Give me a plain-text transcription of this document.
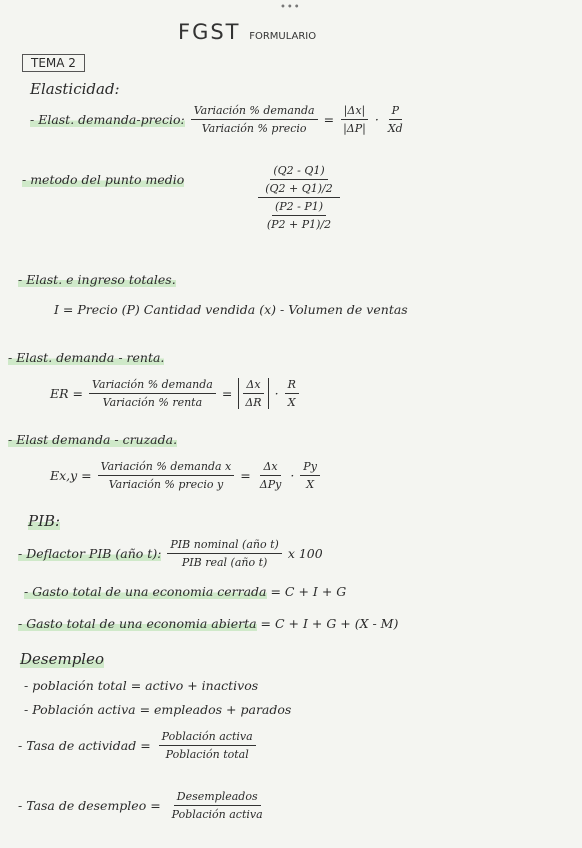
•••
FGST FORMULARIO
TEMA 2
Elasticidad:
- Elast. demanda-precio: $\frac{\text{Variación \% demanda}}{\text{Variación \% precio}} = \frac{|\Delta x|}{|\Delta P|} \cdot \frac{P}{Xd}$
- metodo del punto medio	$\frac{(Q2 - Q1)}{(Q2 + Q1)/2}$
$\frac{(P2 - P1)}{(P2 + P1)/2}$
- Elast. e ingreso totales.
I = Precio (P) Cantidad vendida (x) - Volumen de ventas
- Elast. demanda - renta.
ER = $\frac{\text{Variación \% demanda}}{\text{Variación \% renta}} = \frac{\Delta x}{\Delta R} \cdot \frac{R}{X}$
- Elast demanda - cruzada.
$Ex,y = \frac{\text{Variación \% demanda x}}{\text{Variación \% precio y}} = \frac{\Delta x}{\text{ΔPy}} \cdot \frac{Py}{X}$
PIB:
- Deflactor PIB (año t): $\frac{\text{PIB nominal (año t)}}{\text{PIB real (año t)}}$ x 100
- Gasto total de una economia cerrada = C + I + G
- Gasto total de una economia abierta = C + I + G + (X - M)
Desempleo
- población total = activo + inactivos
- Población activa = empleados + parados
- Tasa de actividad = $\frac{\text{Población activa}}{\text{Población total}}$
- Tasa de desempleo = $\frac{\text{Desempleados}}{\text{Población activa}}$
